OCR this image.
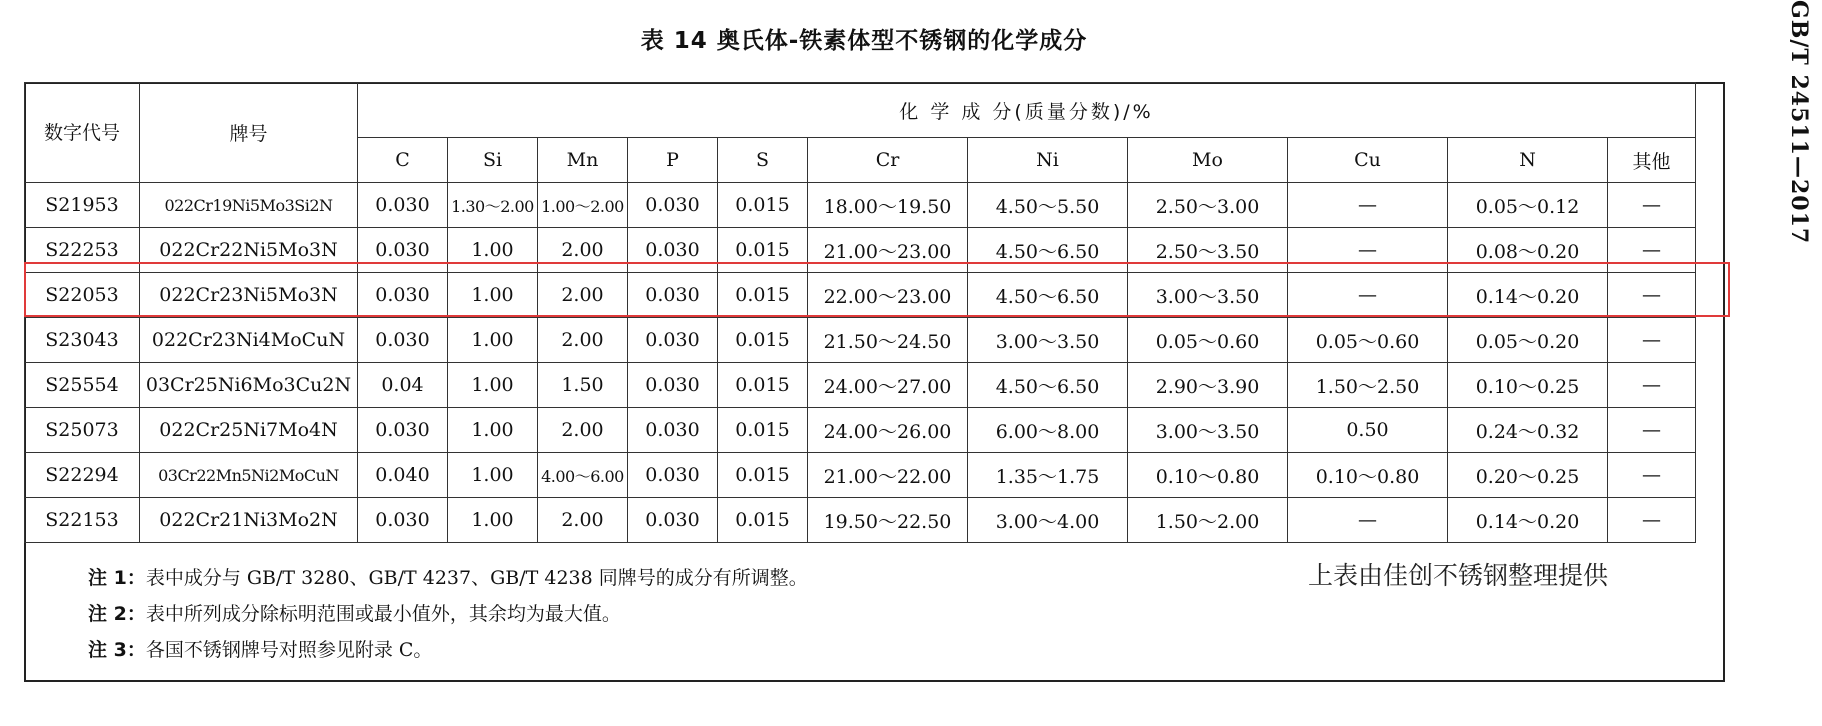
表 14 奥氏体-铁素体型不锈钢的化学成分	GB/T 24511—2017
数字代号	牌号	化 学 成 分(质量分数)/%										
		C	Si	Mn	P	S	Cr	Ni	Mo	Cu	N	其他
S21953	022Cr19Ni5Mo3Si2N	0.030	1.30～2.00	1.00～2.00	0.030	0.015	18.00～19.50	4.50～5.50	2.50～3.00	—	0.05～0.12	—
S22253	022Cr22Ni5Mo3N	0.030	1.00	2.00	0.030	0.015	21.00～23.00	4.50～6.50	2.50～3.50	—	0.08～0.20	—
S22053	022Cr23Ni5Mo3N	0.030	1.00	2.00	0.030	0.015	22.00～23.00	4.50～6.50	3.00～3.50	—	0.14～0.20	—
S23043	022Cr23Ni4MoCuN	0.030	1.00	2.00	0.030	0.015	21.50～24.50	3.00～3.50	0.05～0.60	0.05～0.60	0.05～0.20	—
S25554	03Cr25Ni6Mo3Cu2N	0.04	1.00	1.50	0.030	0.015	24.00～27.00	4.50～6.50	2.90～3.90	1.50～2.50	0.10～0.25	—
S25073	022Cr25Ni7Mo4N	0.030	1.00	2.00	0.030	0.015	24.00～26.00	6.00～8.00	3.00～3.50	0.50	0.24～0.32	—
S22294	03Cr22Mn5Ni2MoCuN	0.040	1.00	4.00～6.00	0.030	0.015	21.00～22.00	1.35～1.75	0.10～0.80	0.10～0.80	0.20～0.25	—
S22153	022Cr21Ni3Mo2N	0.030	1.00	2.00	0.030	0.015	19.50～22.50	3.00～4.00	1.50～2.00	—	0.14～0.20	—
注 1：表中成分与 GB/T 3280、GB/T 4237、GB/T 4238 同牌号的成分有所调整。
注 2：表中所列成分除标明范围或最小值外，其余均为最大值。
注 3：各国不锈钢牌号对照参见附录 C。
上表由佳创不锈钢整理提供
